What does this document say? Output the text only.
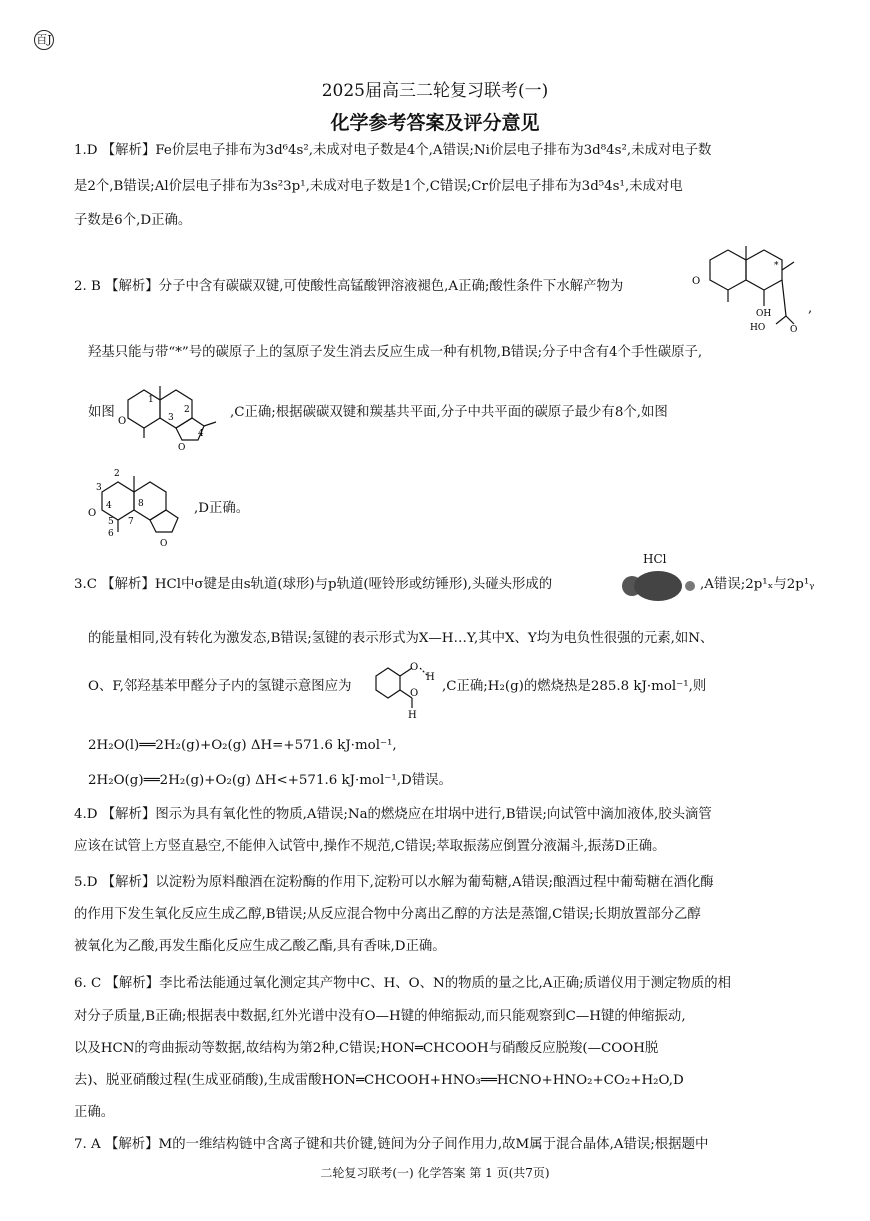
百J
2025届高三二轮复习联考(一)
化学参考答案及评分意见
1.D 【解析】Fe价层电子排布为3d⁶4s²,未成对电子数是4个,A错误;Ni价层电子排布为3d⁸4s²,未成对电子数
是2个,B错误;Al价层电子排布为3s²3p¹,未成对电子数是1个,C错误;Cr价层电子排布为3d⁵4s¹,未成对电
子数是6个,D正确。
2. B 【解析】分子中含有碳碳双键,可使酸性高锰酸钾溶液褪色,A正确;酸性条件下水解产物为	O
OH
HO	O
*
,
羟基只能与带“*”号的碳原子上的氢原子发生消去反应生成一种有机物,B错误;分子中含有4个手性碳原子,
如图
O
1
3
2
4
O
,C正确;根据碳碳双键和羰基共平面,分子中共平面的碳原子最少有8个,如图
O
2
3
4
5
6
7
8
O
,D正确。
3.C 【解析】HCl中σ键是由s轨道(球形)与p轨道(哑铃形或纺锤形),头碰头形成的
HCl
,A错误;2p¹ₓ与2p¹ᵧ
的能量相同,没有转化为激发态,B错误;氢键的表示形式为X—H…Y,其中X、Y均为电负性很强的元素,如N、
O、F,邻羟基苯甲醛分子内的氢键示意图应为
O
H
O
H
,C正确;H₂(g)的燃烧热是285.8 kJ·mol⁻¹,则
2H₂O(l)══2H₂(g)+O₂(g) ΔH=+571.6 kJ·mol⁻¹,
2H₂O(g)══2H₂(g)+O₂(g) ΔH<+571.6 kJ·mol⁻¹,D错误。
4.D 【解析】图示为具有氧化性的物质,A错误;Na的燃烧应在坩埚中进行,B错误;向试管中滴加液体,胶头滴管
应该在试管上方竖直悬空,不能伸入试管中,操作不规范,C错误;萃取振荡应倒置分液漏斗,振荡D正确。
5.D 【解析】以淀粉为原料酿酒在淀粉酶的作用下,淀粉可以水解为葡萄糖,A错误;酿酒过程中葡萄糖在酒化酶
的作用下发生氧化反应生成乙醇,B错误;从反应混合物中分离出乙醇的方法是蒸馏,C错误;长期放置部分乙醇
被氧化为乙酸,再发生酯化反应生成乙酸乙酯,具有香味,D正确。
6. C 【解析】李比希法能通过氧化测定其产物中C、H、O、N的物质的量之比,A正确;质谱仪用于测定物质的相
对分子质量,B正确;根据表中数据,红外光谱中没有O—H键的伸缩振动,而只能观察到C—H键的伸缩振动,
以及HCN的弯曲振动等数据,故结构为第2种,C错误;HON═CHCOOH与硝酸反应脱羧(—COOH脱
去)、脱亚硝酸过程(生成亚硝酸),生成雷酸HON═CHCOOH+HNO₃══HCNO+HNO₂+CO₂+H₂O,D
正确。
7. A 【解析】M的一维结构链中含离子键和共价键,链间为分子间作用力,故M属于混合晶体,A错误;根据题中
二轮复习联考(一) 化学答案 第 1 页(共7页)
